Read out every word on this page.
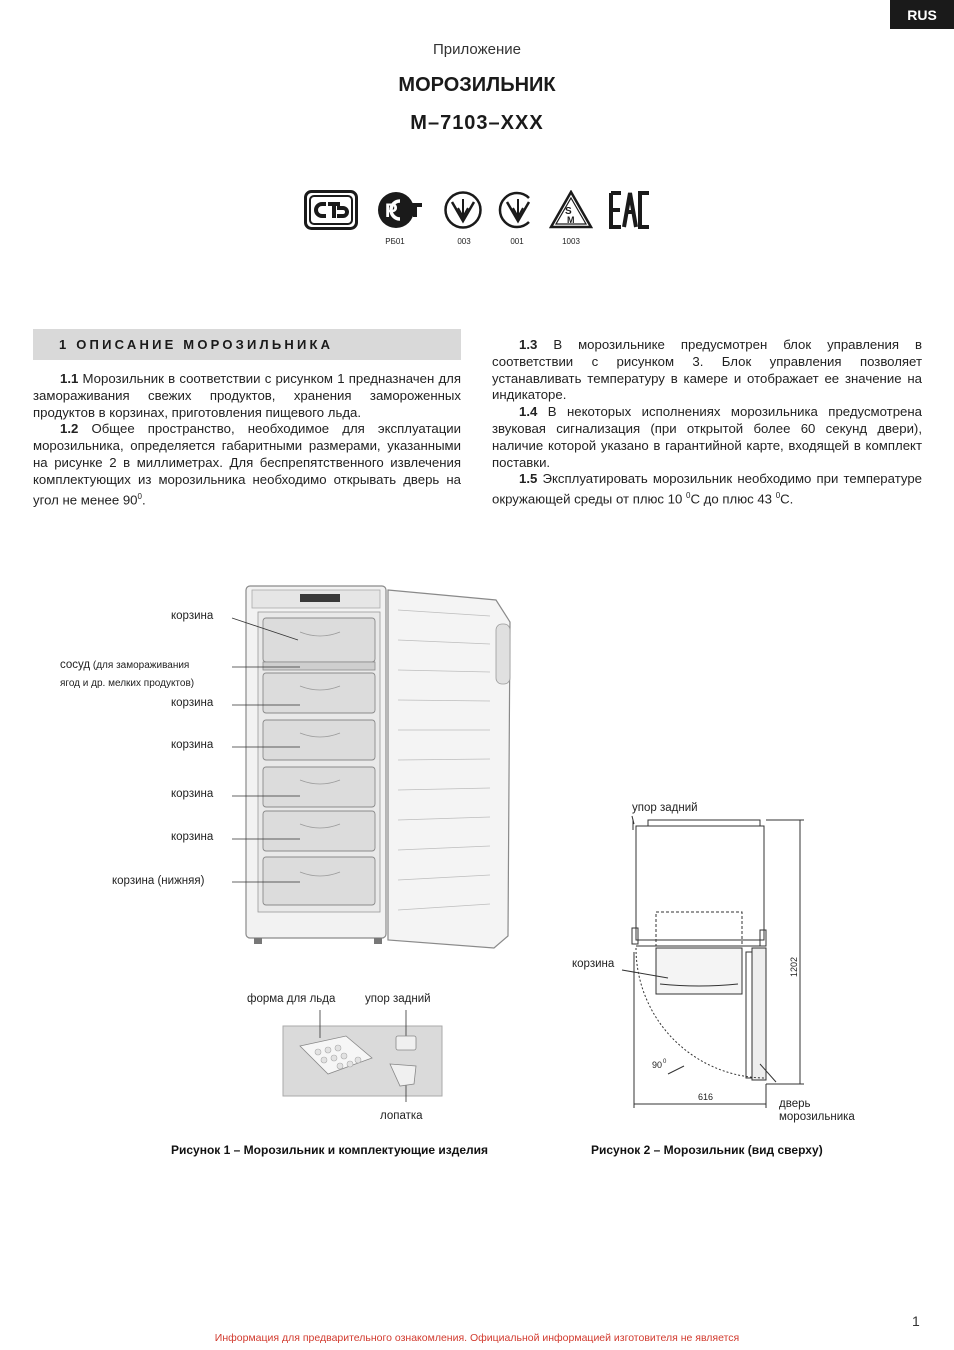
RUS
Приложение
МОРОЗИЛЬНИК
М–7103–ХХХ
P
РБ01	003	001
S
M
1003
1 ОПИСАНИЕ МОРОЗИЛЬНИКА

1.1 Морозильник в соответствии с рисунком 1 предназначен для замораживания свежих продуктов, хранения замороженных продуктов в корзинах, приготовления пищевого льда.

1.2 Общее пространство, необходимое для эксплуатации морозильника, определяется габаритными размерами, указанными на рисунке 2 в миллиметрах. Для беспрепятственного извлечения комплектующих из морозильника необходимо открывать дверь на угол не менее $90^0$.

1.3 В морозильнике предусмотрен блок управления в соответствии с рисунком 3. Блок управления позволяет устанавливать температуру в камере и отображает ее значение на индикаторе.

1.4 В некоторых исполнениях морозильника предусмотрена звуковая сигнализация (при открытой более 60 секунд двери), наличие которой указано в гарантийной карте, входящей в комплект поставки.

1.5 Эксплуатировать морозильник необходимо при температуре окружающей среды от плюс 10 $^0$С до плюс 43 $^0$С.

корзина
сосуд (для замораживания
ягод и др. мелких продуктов)
корзина
корзина
корзина
корзина
корзина (нижняя)
форма для льда	упор задний
лопатка
Рисунок 1 – Морозильник и комплектующие изделия
1202
616
90 0
упор задний
корзина
дверь
морозильника
Рисунок 2 – Морозильник (вид сверху)
1
Информация для предварительного ознакомления. Официальной информацией изготовителя не является
